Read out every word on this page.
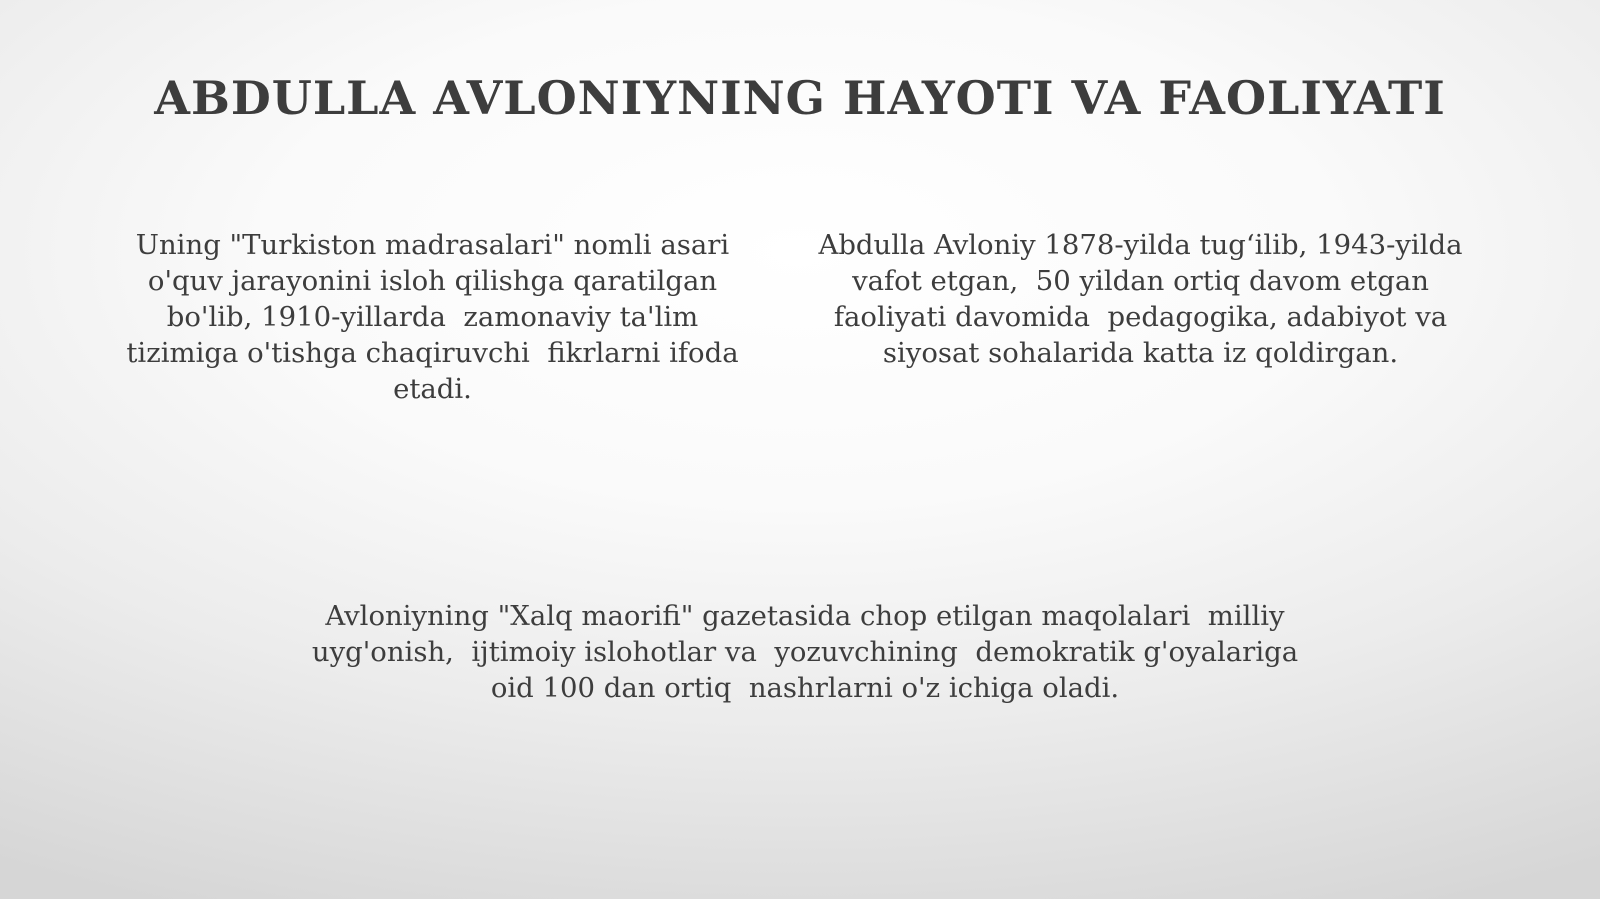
ABDULLA AVLONIYNING HAYOTI VA FAOLIYATI
Uning "Turkiston madrasalari" nomli asari
o'quv jarayonini isloh qilishga qaratilgan
bo'lib, 1910-yillarda  zamonaviy ta'lim
tizimiga o'tishga chaqiruvchi  fikrlarni ifoda
etadi.
Abdulla Avloniy 1878-yilda tug‘ilib, 1943-yilda
vafot etgan,  50 yildan ortiq davom etgan
faoliyati davomida  pedagogika, adabiyot va
siyosat sohalarida katta iz qoldirgan.
Avloniyning "Xalq maorifi" gazetasida chop etilgan maqolalari  milliy
uyg'onish,  ijtimoiy islohotlar va  yozuvchining  demokratik g'oyalariga
oid 100 dan ortiq  nashrlarni o'z ichiga oladi.
